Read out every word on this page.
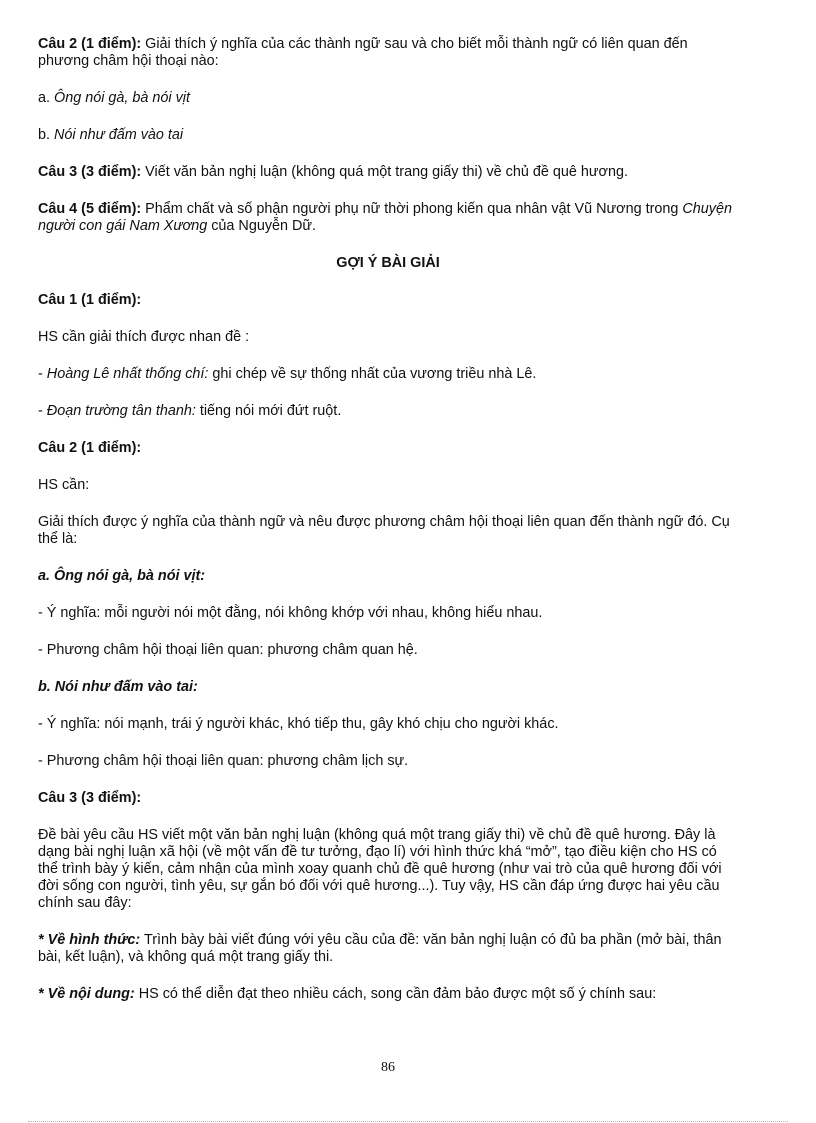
Câu 2 (1 điểm): Giải thích ý nghĩa của các thành ngữ sau và cho biết mỗi thành ngữ có liên quan đến phương châm hội thoại nào:

a. Ông nói gà, bà nói vịt

b. Nói như đấm vào tai

Câu 3 (3 điểm): Viết văn bản nghị luận (không quá một trang giấy thi) về chủ đề quê hương.

Câu 4 (5 điểm): Phẩm chất và số phận người phụ nữ thời phong kiến qua nhân vật Vũ Nương trong Chuyện người con gái Nam Xương của Nguyễn Dữ.

GỢI Ý BÀI GIẢI

Câu 1 (1 điểm):

HS cần giải thích được nhan đề :

- Hoàng Lê nhất thống chí: ghi chép về sự thống nhất của vương triều nhà Lê.

- Đoạn trường tân thanh: tiếng nói mới đứt ruột.

Câu 2 (1 điểm):

HS cần:

Giải thích được ý nghĩa của thành ngữ và nêu được phương châm hội thoại liên quan đến thành ngữ đó. Cụ thể là:

a. Ông nói gà, bà nói vịt:

- Ý nghĩa: mỗi người nói một đằng, nói không khớp với nhau, không hiểu nhau.

- Phương châm hội thoại liên quan: phương châm quan hệ.

b. Nói như đấm vào tai:

- Ý nghĩa: nói mạnh, trái ý người khác, khó tiếp thu, gây khó chịu cho người khác.

- Phương châm hội thoại liên quan: phương châm lịch sự.

Câu 3 (3 điểm):

Đề bài yêu cầu HS viết một văn bản nghị luận (không quá một trang giấy thi) về chủ đề quê hương. Đây là dạng bài nghị luận xã hội (về một vấn đề tư tưởng, đạo lí) với hình thức khá “mở”, tạo điều kiện cho HS có thể trình bày ý kiến, cảm nhận của mình xoay quanh chủ đề quê hương (như vai trò của quê hương đối với đời sống con người, tình yêu, sự gắn bó đối với quê hương...). Tuy vậy, HS cần đáp ứng được hai yêu cầu chính sau đây:

* Về hình thức: Trình bày bài viết đúng với yêu cầu của đề: văn bản nghị luận có đủ ba phần (mở bài, thân bài, kết luận), và không quá một trang giấy thi.

* Về nội dung: HS có thể diễn đạt theo nhiều cách, song cần đảm bảo được một số ý chính sau:

86
